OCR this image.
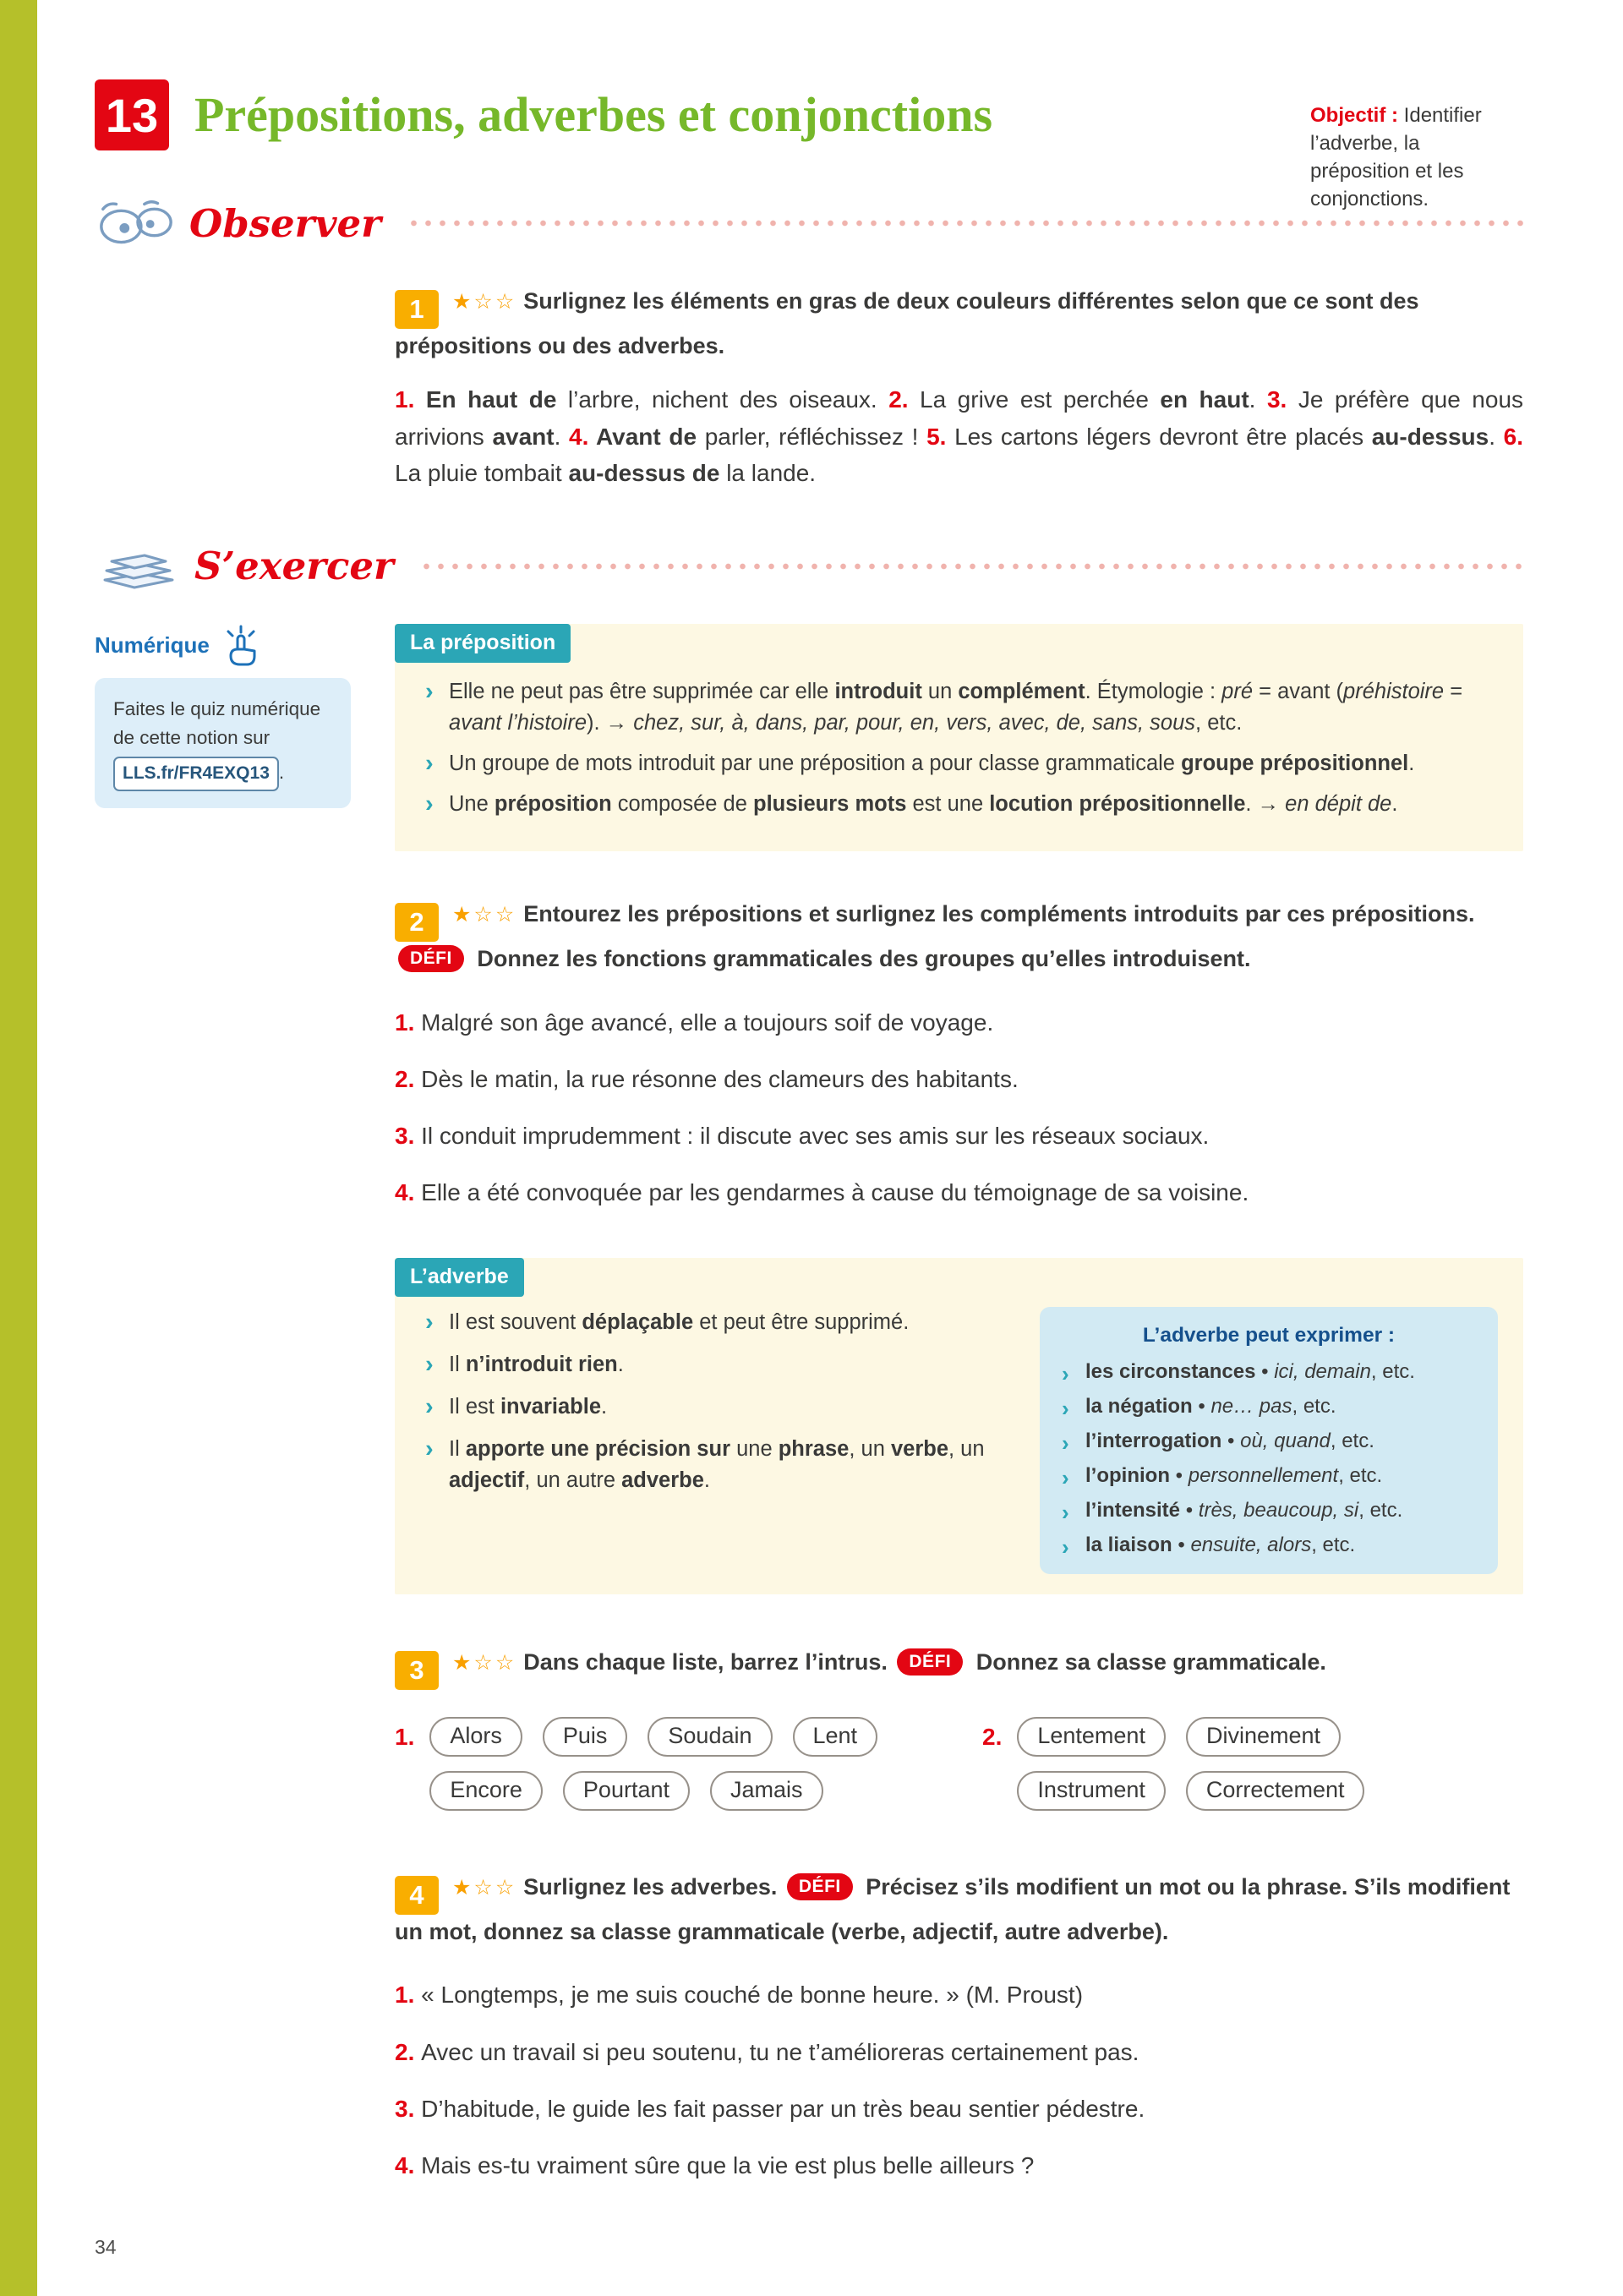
13 Prépositions, adverbes et conjonctions	Objectif : Identifier l’adverbe, la préposition et les conjonctions.

Observer

1 ★☆☆ Surlignez les éléments en gras de deux couleurs différentes selon que ce sont des prépositions ou des adverbes.

1. En haut de l’arbre, nichent des oiseaux. 2. La grive est perchée en haut. 3. Je préfère que nous arrivions avant. 4. Avant de parler, réfléchissez ! 5. Les cartons légers devront être placés au-dessus. 6. La pluie tombait au-dessus de la lande.

S’exercer
Numérique
Faites le quiz numérique de cette notion sur
LLS.fr/FR4EXQ13 .
La préposition
› Elle ne peut pas être supprimée car elle introduit un complément. Étymologie : pré = avant (préhistoire = avant l’histoire). → chez, sur, à, dans, par, pour, en, vers, avec, de, sans, sous, etc.
› Un groupe de mots introduit par une préposition a pour classe grammaticale groupe prépositionnel.
› Une préposition composée de plusieurs mots est une locution prépositionnelle. → en dépit de.

2 ★☆☆ Entourez les prépositions et surlignez les compléments introduits par ces prépositions. DÉFI Donnez les fonctions grammaticales des groupes qu’elles introduisent.

1. Malgré son âge avancé, elle a toujours soif de voyage.

2. Dès le matin, la rue résonne des clameurs des habitants.

3. Il conduit imprudemment : il discute avec ses amis sur les réseaux sociaux.

4. Elle a été convoquée par les gendarmes à cause du témoignage de sa voisine.

L’adverbe
› Il est souvent déplaçable et peut être supprimé.
› Il n’introduit rien.
› Il est invariable.
› Il apporte une précision sur une phrase, un verbe, un adjectif, un autre adverbe.

L’adverbe peut exprimer :

› les circonstances • ici, demain, etc.
› la négation • ne… pas, etc.
› l’interrogation • où, quand, etc.
› l’opinion • personnellement, etc.
› l’intensité • très, beaucoup, si, etc.
› la liaison • ensuite, alors, etc.

3 ★☆☆ Dans chaque liste, barrez l’intrus. DÉFI Donnez sa classe grammaticale.

1.	Alors	Puis	Soudain	Lent
Encore	Pourtant	Jamais
2.	Lentement	Divinement
Instrument	Correctement

4 ★☆☆ Surlignez les adverbes. DÉFI Précisez s’ils modifient un mot ou la phrase. S’ils modifient un mot, donnez sa classe grammaticale (verbe, adjectif, autre adverbe).

1. « Longtemps, je me suis couché de bonne heure. » (M. Proust)

2. Avec un travail si peu soutenu, tu ne t’amélioreras certainement pas.

3. D’habitude, le guide les fait passer par un très beau sentier pédestre.

4. Mais es-tu vraiment sûre que la vie est plus belle ailleurs ?

34
